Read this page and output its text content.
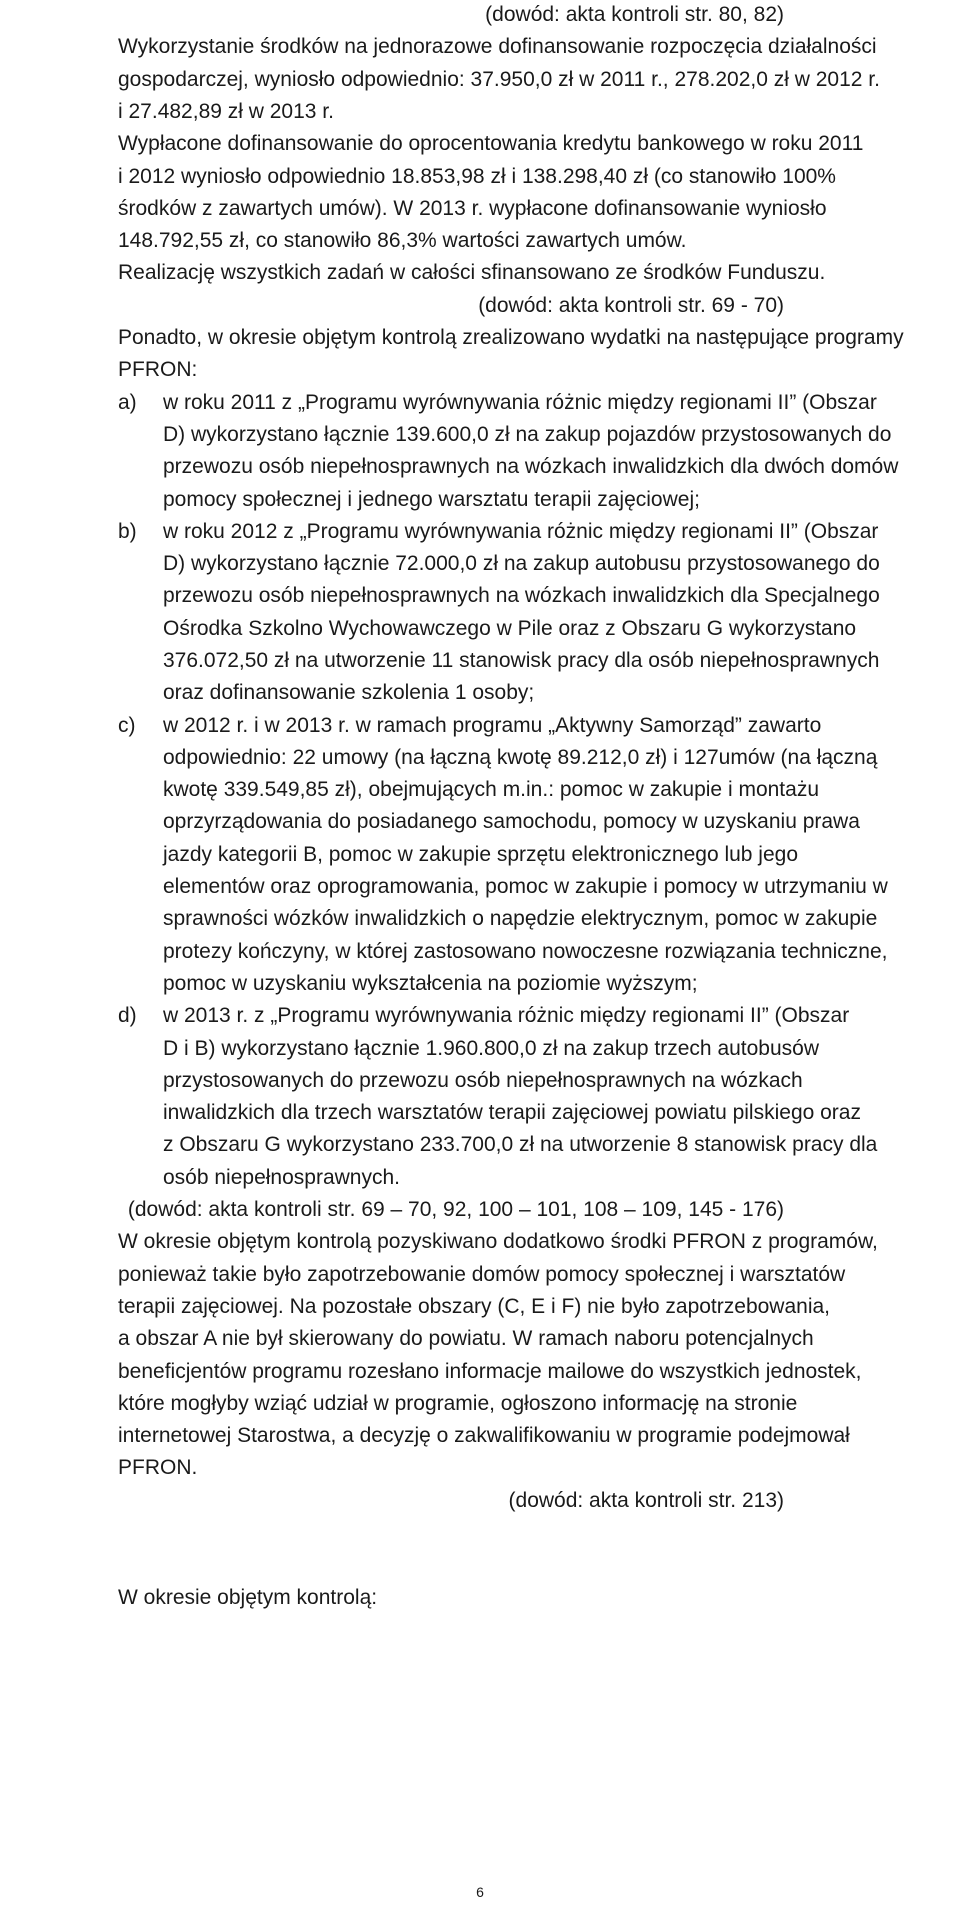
(dowód: akta kontroli str. 80, 82)
Wykorzystanie środków na jednorazowe dofinansowanie rozpoczęcia działalności
gospodarczej, wyniosło odpowiednio: 37.950,0 zł w 2011 r., 278.202,0 zł w 2012 r.
i 27.482,89 zł w 2013 r.
Wypłacone dofinansowanie do oprocentowania kredytu bankowego w roku 2011
i 2012 wyniosło odpowiednio 18.853,98 zł i 138.298,40 zł (co stanowiło 100%
środków z zawartych umów). W 2013 r. wypłacone dofinansowanie wyniosło
148.792,55 zł, co stanowiło 86,3% wartości zawartych umów.
Realizację wszystkich zadań w całości sfinansowano ze środków Funduszu.
(dowód: akta kontroli str. 69 - 70)
Ponadto, w okresie objętym kontrolą zrealizowano wydatki na następujące programy
PFRON:
a) w roku 2011 z „Programu wyrównywania różnic między regionami II” (Obszar
D) wykorzystano łącznie 139.600,0 zł na zakup pojazdów przystosowanych do
przewozu osób niepełnosprawnych na wózkach inwalidzkich dla dwóch domów
pomocy społecznej i jednego warsztatu terapii zajęciowej;
b) w roku 2012 z „Programu wyrównywania różnic między regionami II” (Obszar
D) wykorzystano łącznie 72.000,0 zł na zakup autobusu przystosowanego do
przewozu osób niepełnosprawnych na wózkach inwalidzkich dla Specjalnego
Ośrodka Szkolno Wychowawczego w Pile oraz z Obszaru G wykorzystano
376.072,50 zł na utworzenie 11 stanowisk pracy dla osób niepełnosprawnych
oraz dofinansowanie szkolenia 1 osoby;
c) w 2012 r. i w 2013 r. w ramach programu „Aktywny Samorząd” zawarto
odpowiednio: 22 umowy (na łączną kwotę 89.212,0 zł) i 127umów (na łączną
kwotę 339.549,85 zł), obejmujących m.in.: pomoc w zakupie i montażu
oprzyrządowania do posiadanego samochodu, pomocy w uzyskaniu prawa
jazdy kategorii B, pomoc w zakupie sprzętu elektronicznego lub jego
elementów oraz oprogramowania, pomoc w zakupie i pomocy w utrzymaniu w
sprawności wózków inwalidzkich o napędzie elektrycznym, pomoc w zakupie
protezy kończyny, w której zastosowano nowoczesne rozwiązania techniczne,
pomoc w uzyskaniu wykształcenia na poziomie wyższym;
d) w 2013 r. z „Programu wyrównywania różnic między regionami II” (Obszar
D i B) wykorzystano łącznie 1.960.800,0 zł na zakup trzech autobusów
przystosowanych do przewozu osób niepełnosprawnych na wózkach
inwalidzkich dla trzech warsztatów terapii zajęciowej powiatu pilskiego oraz
z Obszaru G wykorzystano 233.700,0 zł na utworzenie 8 stanowisk pracy dla
osób niepełnosprawnych.
(dowód: akta kontroli str. 69 – 70, 92, 100 – 101, 108 – 109, 145 - 176)
W okresie objętym kontrolą pozyskiwano dodatkowo środki PFRON z programów,
ponieważ takie było zapotrzebowanie domów pomocy społecznej i warsztatów
terapii zajęciowej. Na pozostałe obszary (C, E i F) nie było zapotrzebowania,
a obszar A nie był skierowany do powiatu. W ramach naboru potencjalnych
beneficjentów programu rozesłano informacje mailowe do wszystkich jednostek,
które mogłyby wziąć udział w programie, ogłoszono informację na stronie
internetowej Starostwa, a decyzję o zakwalifikowaniu w programie podejmował
PFRON.
(dowód: akta kontroli str. 213)
W okresie objętym kontrolą:
6
